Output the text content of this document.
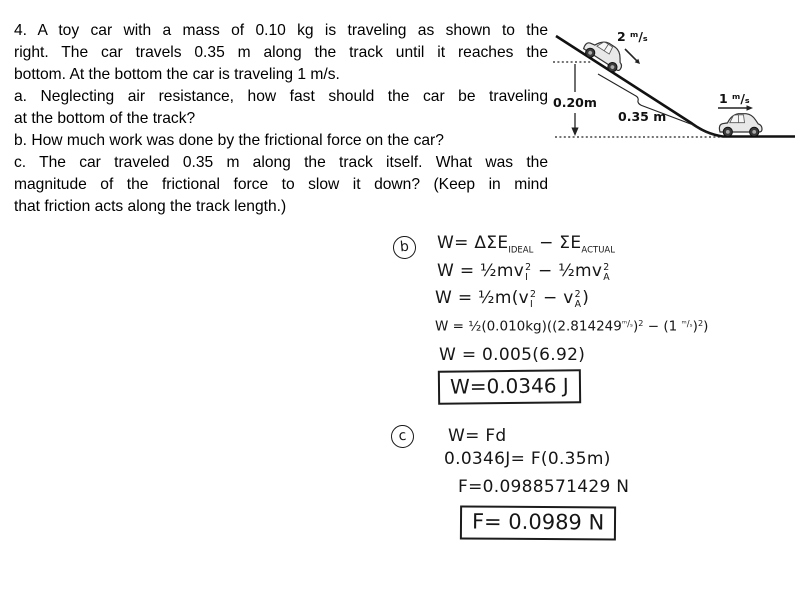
4. A toy car with a mass of 0.10 kg is traveling as shown to the
right. The car travels 0.35 m along the track until it reaches the
bottom. At the bottom the car is traveling 1 m/s.
a. Neglecting air resistance, how fast should the car be traveling
at the bottom of the track?
b. How much work was done by the frictional force on the car?
c. The car traveled 0.35 m along the track itself. What was the
magnitude of the frictional force to slow it down? (Keep in mind
that friction acts along the track length.)
0.20m
0.35 m
2 ᵐ/ₛ
1 ᵐ/ₛ
b	$W= \Delta\Sigma E_{IDEAL} - \Sigma E_{ACTUAL}$
W = ½mv 2
I − ½mv 2
A
W = ½m(v 2
I − v 2
A )
$W = \frac{1}{2}(0.010kg)((2.814249^{ᵐ/_s})^2 - (1$ $^{ᵐ/_s}$)$^2$)
W = 0.005(6.92)
W=0.0346 J
c	W= Fd
0.0346J= F(0.35m)
F=0.0988571429 N
F= 0.0989 N
